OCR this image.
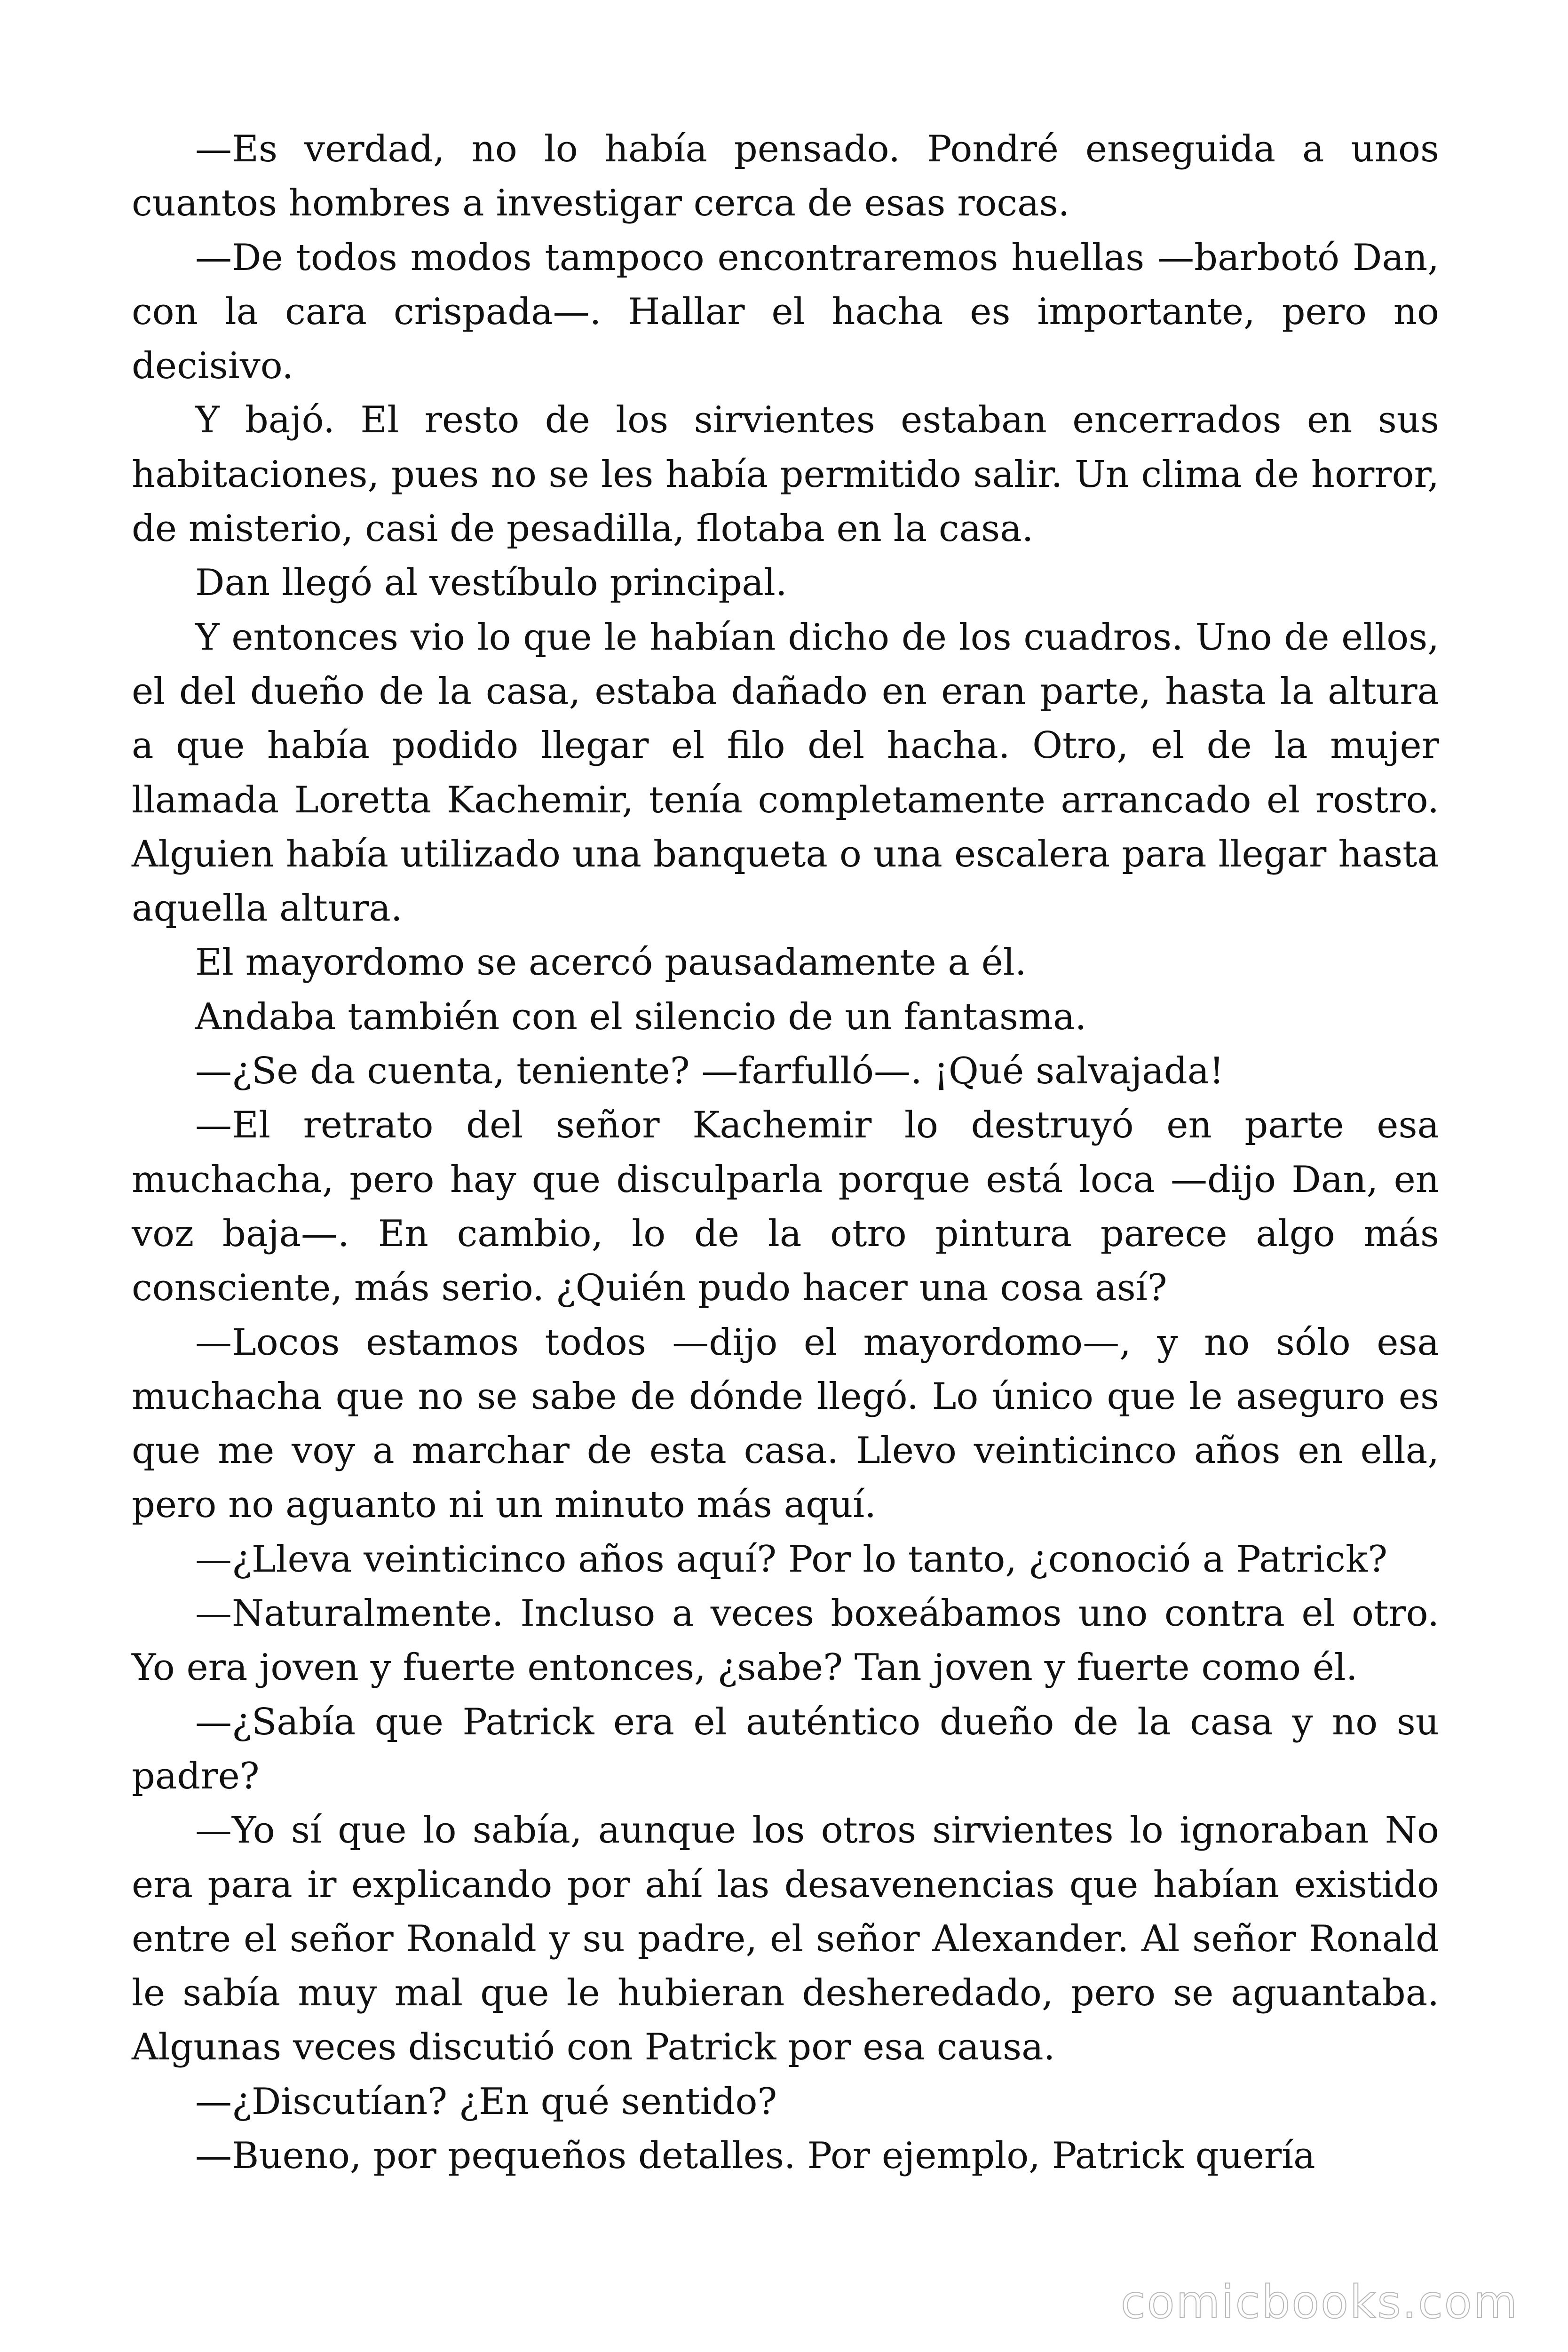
—Es verdad, no lo había pensado. Pondré enseguida a unos cuantos hombres a investigar cerca de esas rocas.

—De todos modos tampoco encontraremos huellas —barbotó Dan, con la cara crispada—. Hallar el hacha es importante, pero no decisivo.

Y bajó. El resto de los sirvientes estaban encerrados en sus habitaciones, pues no se les había permitido salir. Un clima de horror, de misterio, casi de pesadilla, flotaba en la casa.

Dan llegó al vestíbulo principal.

Y entonces vio lo que le habían dicho de los cuadros. Uno de ellos, el del dueño de la casa, estaba dañado en eran parte, hasta la altura a que había podido llegar el filo del hacha. Otro, el de la mujer llamada Loretta Kachemir, tenía completamente arrancado el rostro. Alguien había utilizado una banqueta o una escalera para llegar hasta aquella altura.

El mayordomo se acercó pausadamente a él.

Andaba también con el silencio de un fantasma.

—¿Se da cuenta, teniente? —farfulló—. ¡Qué salvajada!

—El retrato del señor Kachemir lo destruyó en parte esa muchacha, pero hay que disculparla porque está loca —dijo Dan, en voz baja—. En cambio, lo de la otro pintura parece algo más consciente, más serio. ¿Quién pudo hacer una cosa así?

—Locos estamos todos —dijo el mayordomo—, y no sólo esa muchacha que no se sabe de dónde llegó. Lo único que le aseguro es que me voy a marchar de esta casa. Llevo veinticinco años en ella, pero no aguanto ni un minuto más aquí.

—¿Lleva veinticinco años aquí? Por lo tanto, ¿conoció a Patrick?

—Naturalmente. Incluso a veces boxeábamos uno contra el otro. Yo era joven y fuerte entonces, ¿sabe? Tan joven y fuerte como él.

—¿Sabía que Patrick era el auténtico dueño de la casa y no su padre?

—Yo sí que lo sabía, aunque los otros sirvientes lo ignoraban No era para ir explicando por ahí las desavenencias que habían existido entre el señor Ronald y su padre, el señor Alexander. Al señor Ronald le sabía muy mal que le hubieran desheredado, pero se aguantaba. Algunas veces discutió con Patrick por esa causa.

—¿Discutían? ¿En qué sentido?

—Bueno, por pequeños detalles. Por ejemplo, Patrick quería

comicbooks.com
